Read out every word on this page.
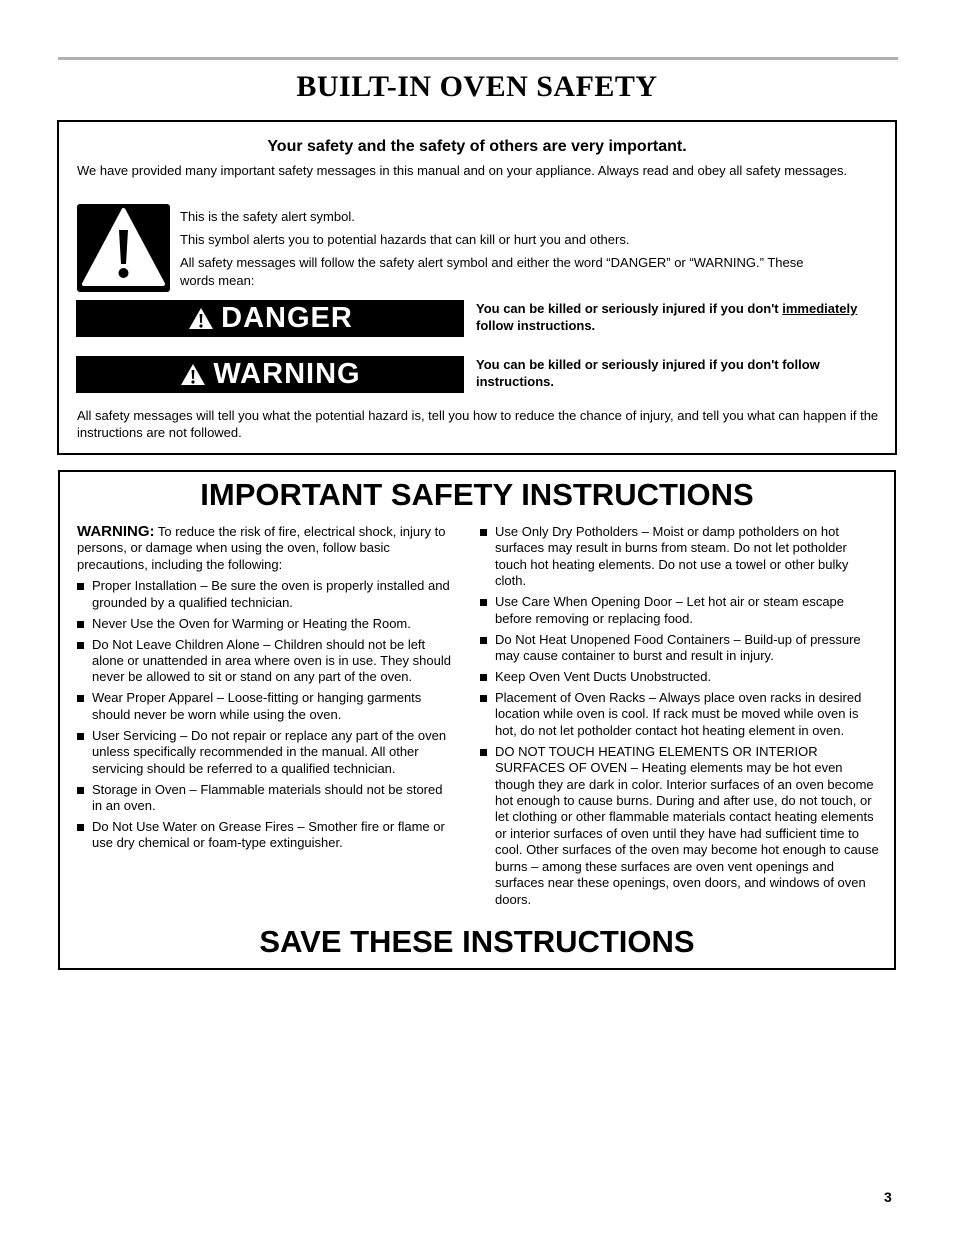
BUILT-IN OVEN SAFETY
Your safety and the safety of others are very important.
We have provided many important safety messages in this manual and on your appliance. Always read and obey all safety messages.
This is the safety alert symbol.
This symbol alerts you to potential hazards that can kill or hurt you and others.
All safety messages will follow the safety alert symbol and either the word “DANGER” or “WARNING.” These words mean:
DANGER	You can be killed or seriously injured if you don't immediately follow instructions.
WARNING	You can be killed or seriously injured if you don't follow instructions.
All safety messages will tell you what the potential hazard is, tell you how to reduce the chance of injury, and tell you what can happen if the instructions are not followed.
IMPORTANT SAFETY INSTRUCTIONS
WARNING: To reduce the risk of fire, electrical shock, injury to persons, or damage when using the oven, follow basic precautions, including the following:
Proper Installation – Be sure the oven is properly installed and grounded by a qualified technician.
Never Use the Oven for Warming or Heating the Room.
Do Not Leave Children Alone – Children should not be left alone or unattended in area where oven is in use. They should never be allowed to sit or stand on any part of the oven.
Wear Proper Apparel – Loose-fitting or hanging garments should never be worn while using the oven.
User Servicing – Do not repair or replace any part of the oven unless specifically recommended in the manual. All other servicing should be referred to a qualified technician.
Storage in Oven – Flammable materials should not be stored in an oven.
Do Not Use Water on Grease Fires – Smother fire or flame or use dry chemical or foam-type extinguisher.
Use Only Dry Potholders – Moist or damp potholders on hot surfaces may result in burns from steam. Do not let potholder touch hot heating elements. Do not use a towel or other bulky cloth.
Use Care When Opening Door – Let hot air or steam escape before removing or replacing food.
Do Not Heat Unopened Food Containers – Build-up of pressure may cause container to burst and result in injury.
Keep Oven Vent Ducts Unobstructed.
Placement of Oven Racks – Always place oven racks in desired location while oven is cool. If rack must be moved while oven is hot, do not let potholder contact hot heating element in oven.
DO NOT TOUCH HEATING ELEMENTS OR INTERIOR SURFACES OF OVEN – Heating elements may be hot even though they are dark in color. Interior surfaces of an oven become hot enough to cause burns. During and after use, do not touch, or let clothing or other flammable materials contact heating elements or interior surfaces of oven until they have had sufficient time to cool. Other surfaces of the oven may become hot enough to cause burns – among these surfaces are oven vent openings and surfaces near these openings, oven doors, and windows of oven doors.
SAVE THESE INSTRUCTIONS
3
